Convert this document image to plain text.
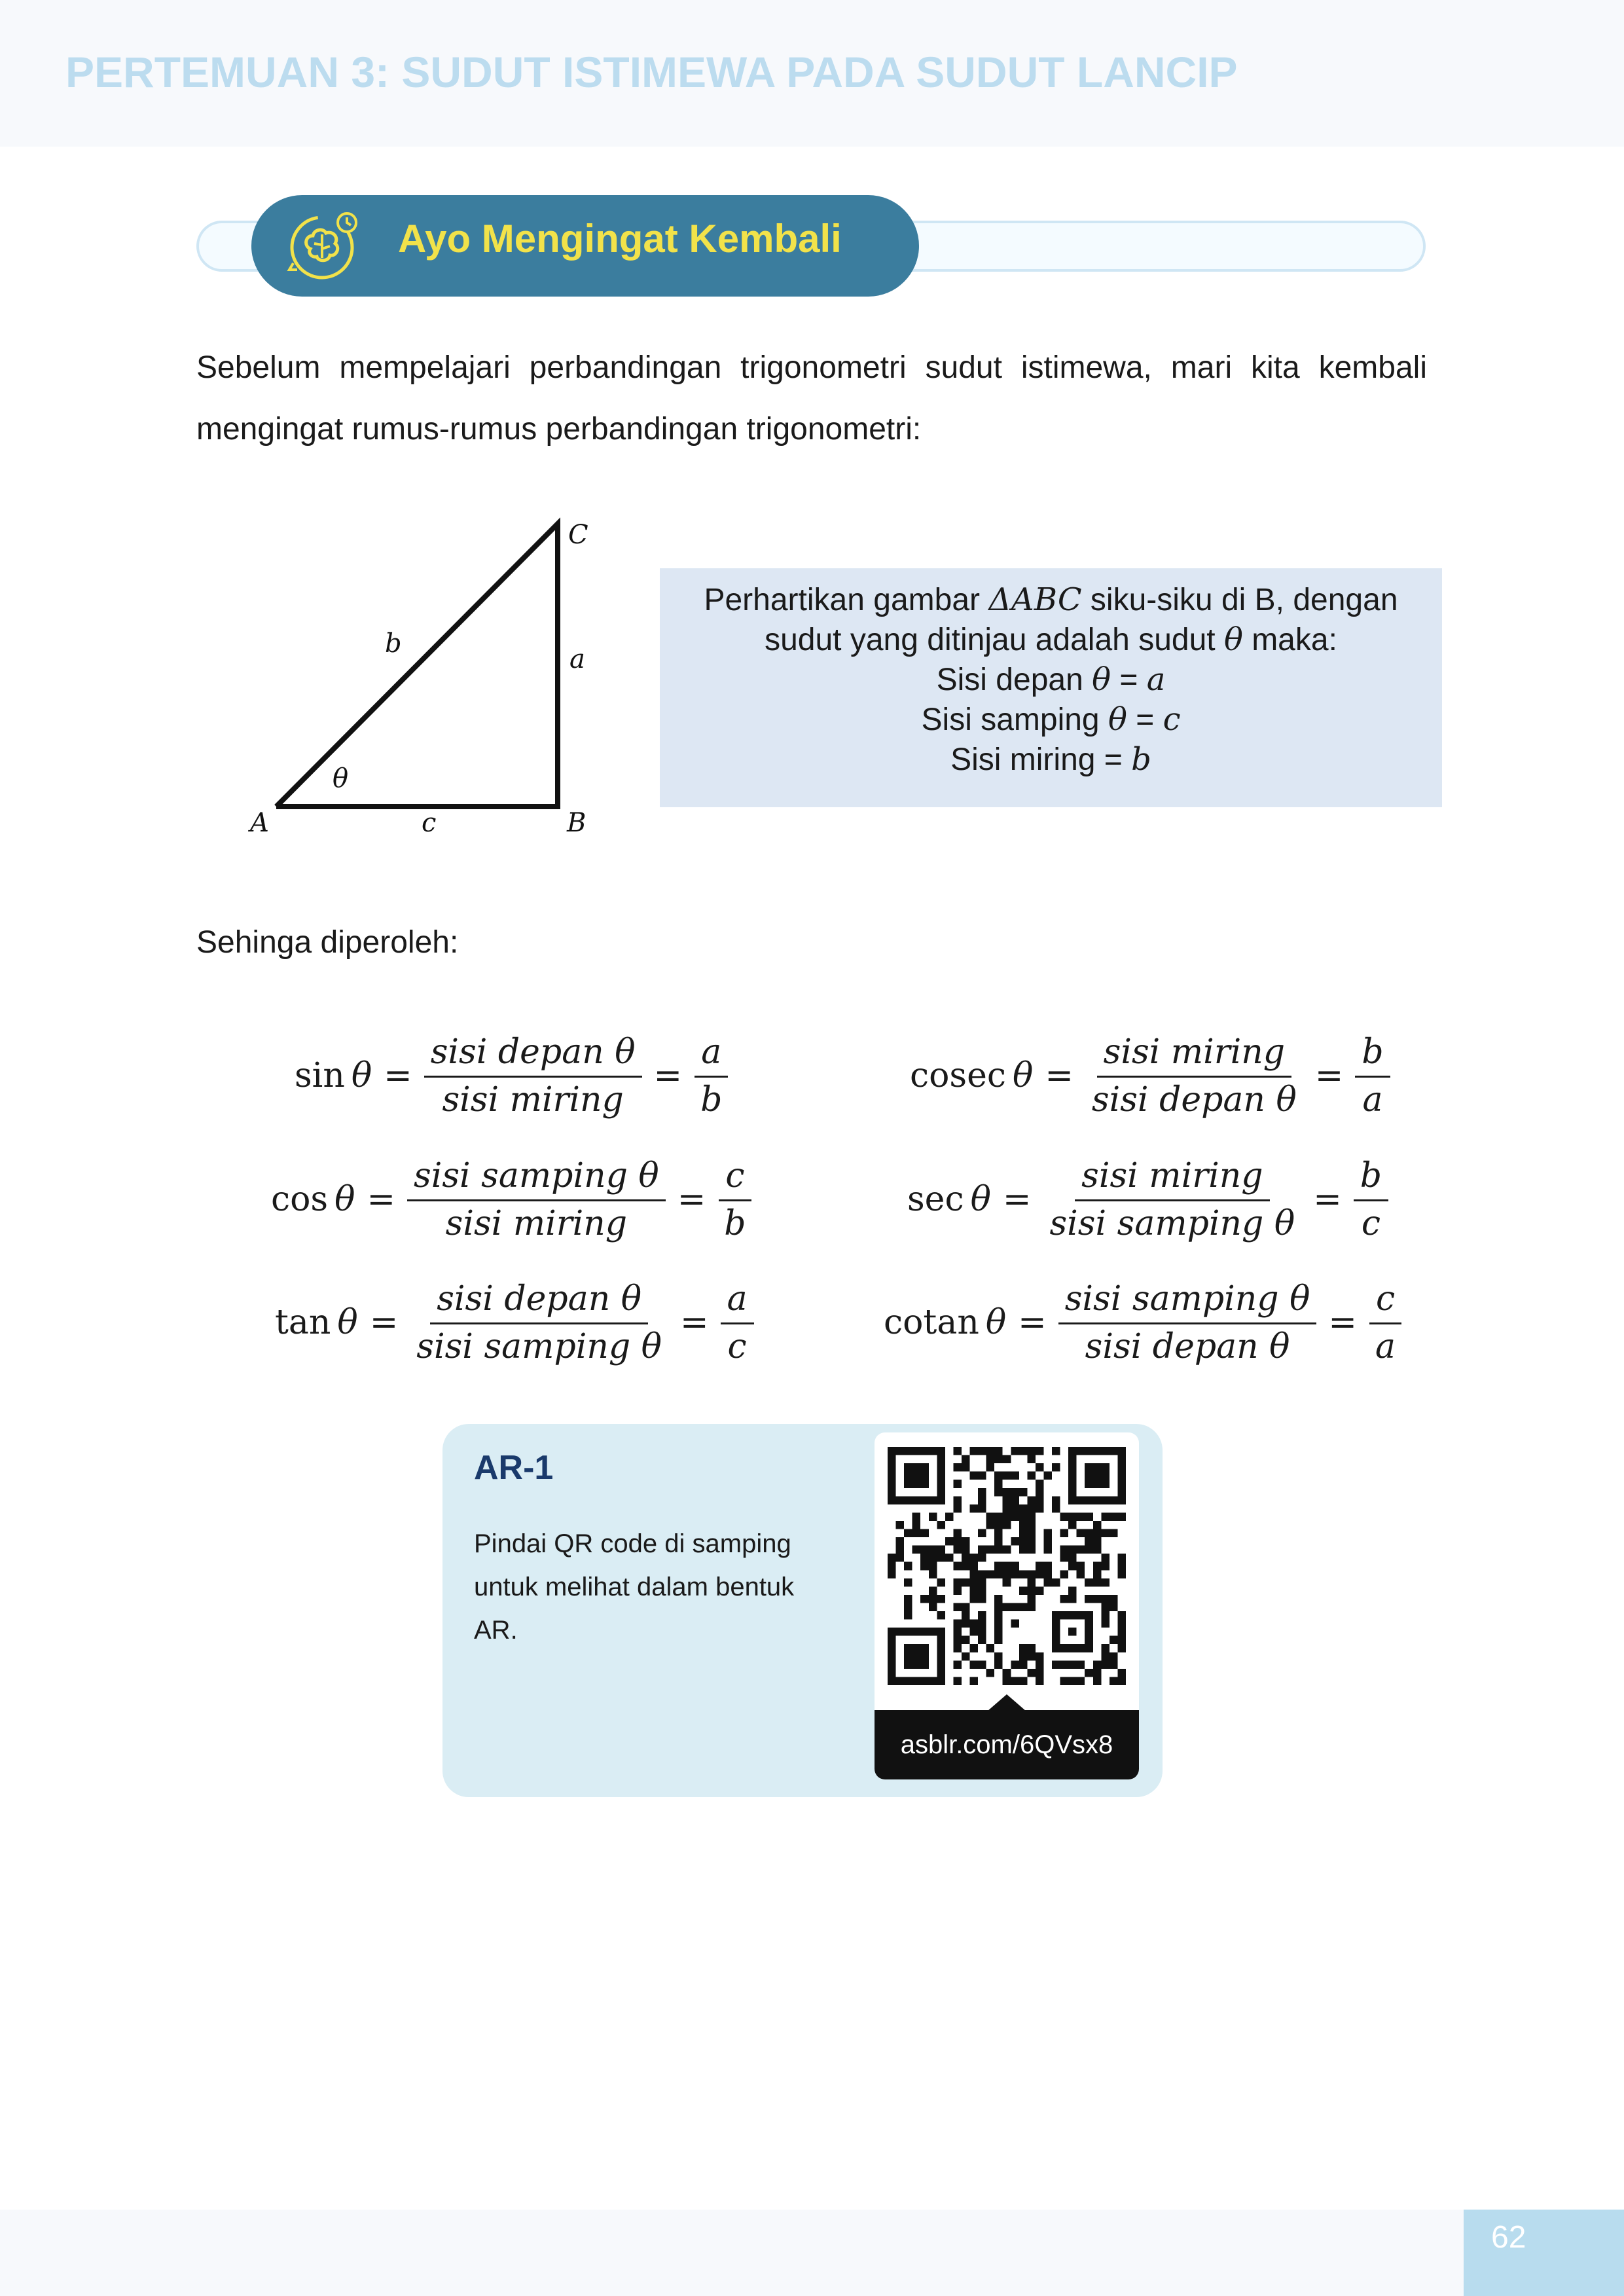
PERTEMUAN 3: SUDUT ISTIMEWA PADA SUDUT LANCIP
Ayo Mengingat Kembali
Sebelum mempelajari perbandingan trigonometri sudut istimewa, mari kita kembali mengingat rumus-rumus perbandingan trigonometri:
C
b
a
θ
A	c	B
Perhartikan gambar ΔABC siku-siku di B, dengan
sudut yang ditinjau adalah sudut θ maka:
Sisi depan θ = a
Sisi samping θ = c
Sisi miring = b
Sehinga diperoleh:
$\sin \theta = \frac{\text{sisi depan θ}}{\text{sisi miring}} = \frac{a}{b}$
$\cos \theta = \frac{\text{sisi samping θ}}{\text{sisi miring}} = \frac{c}{b}$
$\tan \theta = \frac{\text{sisi depan θ}}{\text{sisi samping θ}} = \frac{a}{c}$
cosec $\theta = \frac{\text{sisi miring}}{\text{sisi depan θ}} = \frac{b}{a}$
$\sec \theta = \frac{\text{sisi miring}}{\text{sisi samping θ}} = \frac{b}{c}$
cotan $\theta = \frac{\text{sisi samping θ}}{\text{sisi depan θ}} = \frac{c}{a}$
AR-1
Pindai QR code di samping untuk melihat dalam bentuk AR.
asblr.com/6QVsx8
62
